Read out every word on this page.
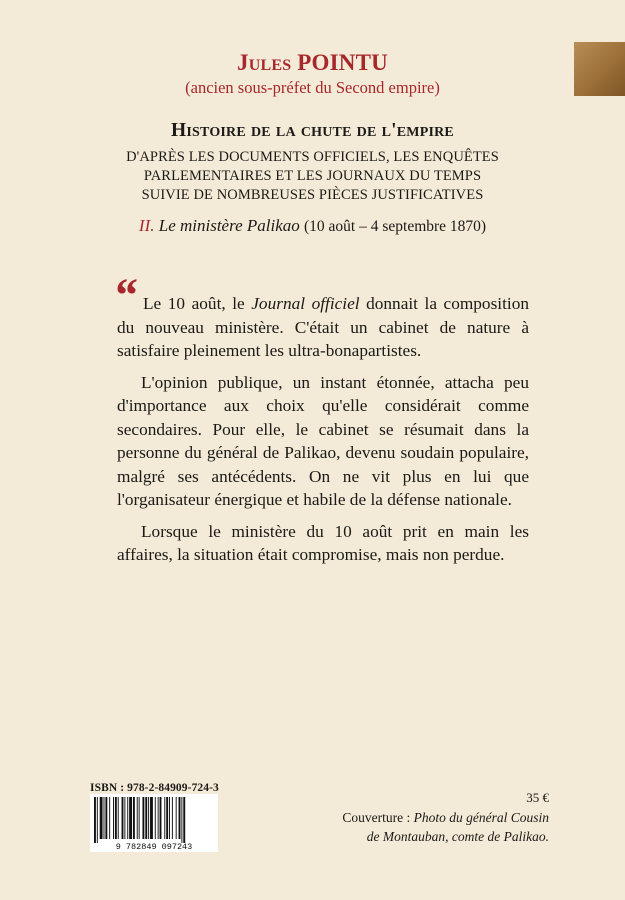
Jules POINTU
(ancien sous-préfet du Second empire)
Histoire de la chute de l'empire
D'APRÈS LES DOCUMENTS OFFICIELS, LES ENQUÊTES
PARLEMENTAIRES ET LES JOURNAUX DU TEMPS
SUIVIE DE NOMBREUSES PIÈCES JUSTIFICATIVES
II. Le ministère Palikao (10 août – 4 septembre 1870)
“ Le 10 août, le Journal officiel donnait la composition du nouveau ministère. C'était un cabinet de nature à satisfaire pleinement les ultra-bonapartistes.

L'opinion publique, un instant étonnée, attacha peu d'importance aux choix qu'elle considérait comme secondaires. Pour elle, le cabinet se résumait dans la personne du général de Palikao, devenu soudain populaire, malgré ses antécédents. On ne vit plus en lui que l'organisateur énergique et habile de la défense nationale.

Lorsque le ministère du 10 août prit en main les affaires, la situation était compromise, mais non perdue.

ISBN : 978-2-84909-724-3
9 782849 097243
35 €
Couverture : Photo du général Cousin
de Montauban, comte de Palikao.
